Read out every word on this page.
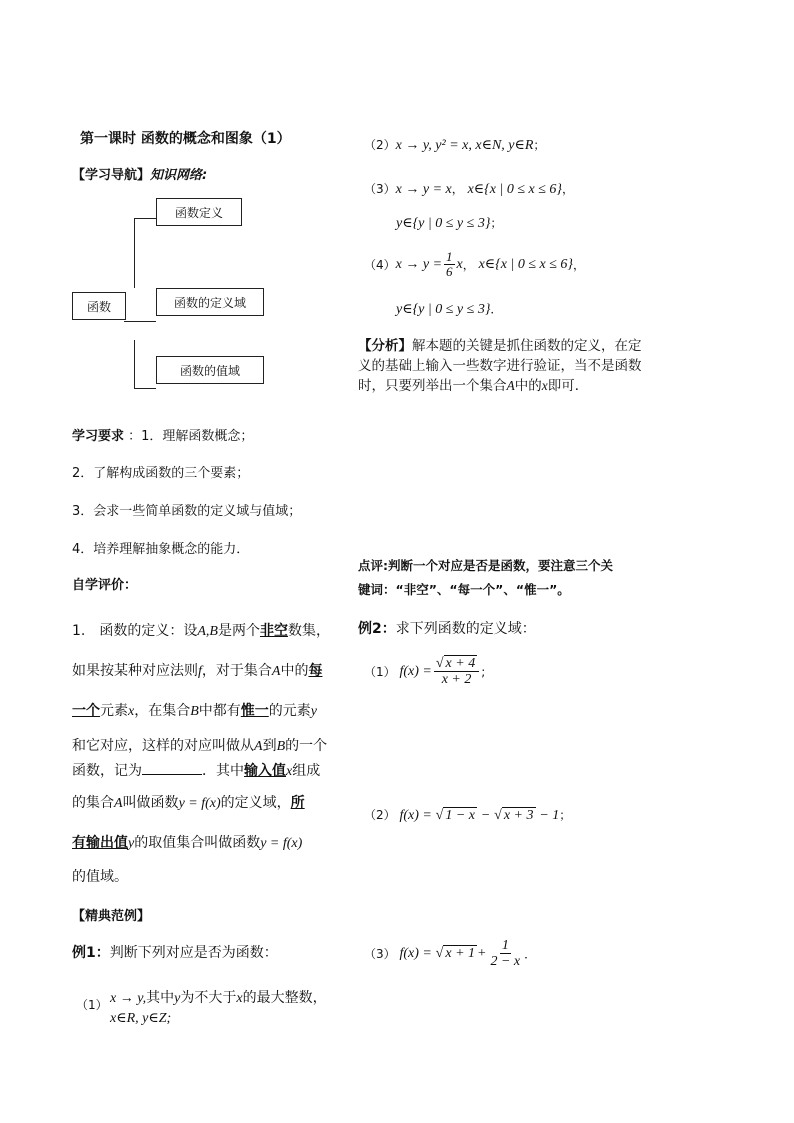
第一课时 函数的概念和图象（1）
【学习导航】知识网络:
函数定义
函数	函数的定义域
函数的值域
学习要求 ：1．理解函数概念；
2．了解构成函数的三个要素；
3．会求一些简单函数的定义域与值域；
4．培养理解抽象概念的能力．
自学评价：
1.　函数的定义：设A,B是两个非空数集，
如果按某种对应法则f，对于集合A中的每
一个元素x，在集合B中都有惟一的元素y
和它对应，这样的对应叫做从A到B的一个
函数，记为	．其中输入值x组成
的集合A叫做函数y = f(x)的定义域，所
有输出值y的取值集合叫做函数y = f(x)
的值域。
【精典范例】
例1：判断下列对应是否为函数：
（1） x → y,其中y为不大于x的最大整数，
x∈R, y∈Z;
（2）x → y, y² = x, x∈N, y∈R；
（3）x → y = x， x∈{x | 0 ≤ x ≤ 6}，
y∈{y | 0 ≤ y ≤ 3}；
（4） $x \to y = \frac{1}{6}$ x ，
x∈{x | 0 ≤ x ≤ 6} ，
y∈{y | 0 ≤ y ≤ 3}．
【分析】解本题的关键是抓住函数的定义，在定
义的基础上输入一些数字进行验证，当不是函数
时，只要列举出一个集合A中的x即可．
点评:判断一个对应是否是函数，要注意三个关
键词：“非空”、“每一个”、“惟一”。
例2：求下列函数的定义域：
（1）
$f(x) = \frac{√ x + 4}{x + 2}$ ;
（2） f(x) = √ 1 − x − √ x + 3 − 1；
（3）
f(x) =
√ $x + 1 + \frac{1}{2 - x}$ ．
